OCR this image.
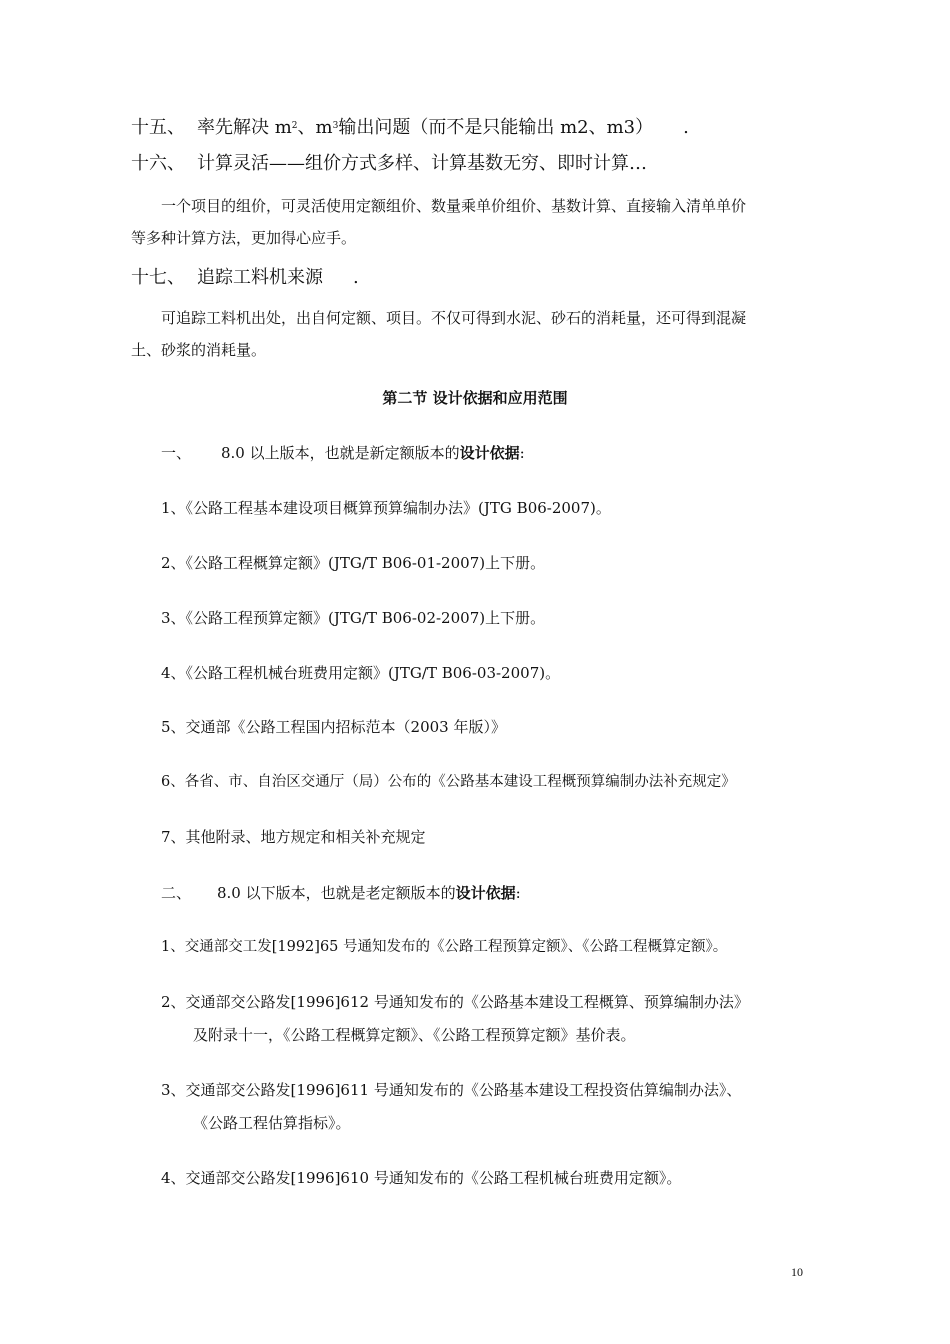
十五、 率先解决 $m^2$、$m^3$输出问题（而不是只能输出 m2、m3） .
十六、 计算灵活——组价方式多样、计算基数无穷、即时计算…
一个项目的组价，可灵活使用定额组价、数量乘单价组价、基数计算、直接输入清单单价
等多种计算方法，更加得心应手。
十七、 追踪工料机来源 .
可追踪工料机出处，出自何定额、项目。不仅可得到水泥、砂石的消耗量，还可得到混凝
土、砂浆的消耗量。
第二节 设计依据和应用范围
一、 8.0 以上版本，也就是新定额版本的设计依据:
1、《公路工程基本建设项目概算预算编制办法》(JTG B06-2007)。
2、《公路工程概算定额》(JTG/T B06-01-2007)上下册。
3、《公路工程预算定额》(JTG/T B06-02-2007)上下册。
4、《公路工程机械台班费用定额》(JTG/T B06-03-2007)。
5、交通部《公路工程国内招标范本（2003 年版）》
6、各省、市、自治区交通厅（局）公布的《公路基本建设工程概预算编制办法补充规定》
7、其他附录、地方规定和相关补充规定
二、 8.0 以下版本，也就是老定额版本的设计依据:
1、交通部交工发[1992]65 号通知发布的《公路工程预算定额》、《公路工程概算定额》。
2、交通部交公路发[1996]612 号通知发布的《公路基本建设工程概算、预算编制办法》
及附录十一，《公路工程概算定额》、《公路工程预算定额》基价表。
3、交通部交公路发[1996]611 号通知发布的《公路基本建设工程投资估算编制办法》、
《公路工程估算指标》。
4、交通部交公路发[1996]610 号通知发布的《公路工程机械台班费用定额》。
10
